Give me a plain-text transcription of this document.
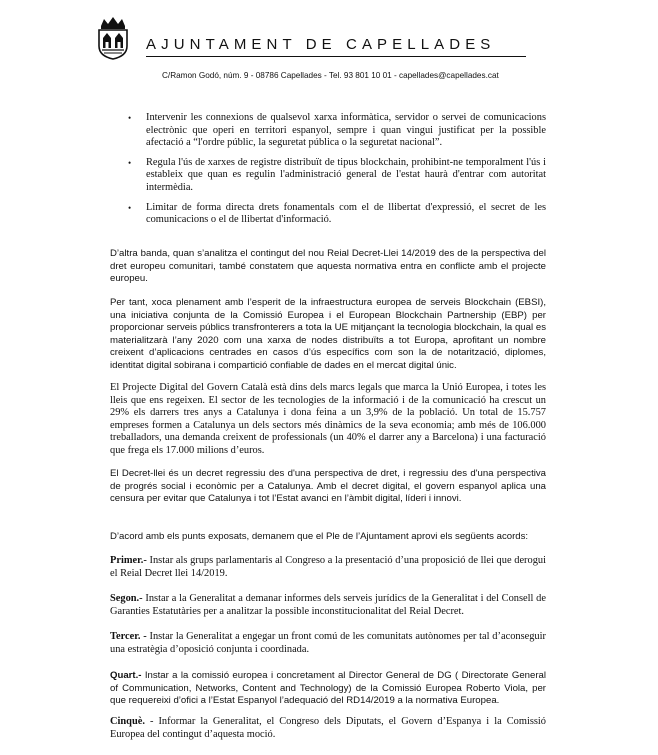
AJUNTAMENT DE CAPELLADES
C/Ramon Godó, núm. 9 - 08786 Capellades - Tel. 93 801 10 01 - capellades@capellades.cat
• Intervenir les connexions de qualsevol xarxa informàtica, servidor o servei de comunicacions electrònic que operi en territori espanyol, sempre i quan vingui justificat per la possible afectació a “l'ordre públic, la seguretat pública o la seguretat nacional”.
• Regula l'ús de xarxes de registre distribuït de tipus blockchain, prohibint-ne temporalment l'ús i estableix que quan es regulin l'administració general de l'estat haurà d'entrar com autoritat intermèdia.
• Limitar de forma directa drets fonamentals com el de llibertat d'expressió, el secret de les comunicacions o el de llibertat d'informació.

D’altra banda, quan s’analitza el contingut del nou Reial Decret-Llei 14/2019 des de la perspectiva del dret europeu comunitari, també constatem que aquesta normativa entra en conflicte amb el projecte europeu.

Per tant, xoca plenament amb l’esperit de la infraestructura europea de serveis Blockchain (EBSI), una iniciativa conjunta de la Comissió Europea i el European Blockchain Partnership (EBP) per proporcionar serveis públics transfronterers a tota la UE mitjançant la tecnologia blockchain, la qual es materialitzarà l’any 2020 com una xarxa de nodes distribuïts a tot Europa, aprofitant un nombre creixent d’aplicacions centrades en casos d’ús específics com son la de notarització, diplomes, identitat digital sobirana i compartició confiable de dades en el mercat digital únic.

El Projecte Digital del Govern Català està dins dels marcs legals que marca la Unió Europea, i totes les lleis que ens regeixen. El sector de les tecnologies de la informació i de la comunicació ha crescut un 29% els darrers tres anys a Catalunya i dona feina a un 3,9% de la població. Un total de 15.757 empreses formen a Catalunya un dels sectors més dinàmics de la seva economia; amb més de 106.000 treballadors, una demanda creixent de professionals (un 40% el darrer any a Barcelona) i una facturació que frega els 17.000 milions d’euros.

El Decret-llei és un decret regressiu des d'una perspectiva de dret, i regressiu des d'una perspectiva de progrés social i econòmic per a Catalunya. Amb el decret digital, el govern espanyol aplica una censura per evitar que Catalunya i tot l’Estat avanci en l’àmbit digital, líderi i innovi.

D’acord amb els punts exposats, demanem que el Ple de l’Ajuntament aprovi els següents acords:

Primer.- Instar als grups parlamentaris al Congreso a la presentació d’una proposició de llei que derogui el Reial Decret llei 14/2019.

Segon.- Instar a la Generalitat a demanar informes dels serveis jurídics de la Generalitat i del Consell de Garanties Estatutàries per a analitzar la possible inconstitucionalitat del Reial Decret.

Tercer. - Instar la Generalitat a engegar un front comú de les comunitats autònomes per tal d’aconseguir una estratègia d’oposició conjunta i coordinada.

Quart.- Instar a la comissió europea i concretament al Director General de DG ( Directorate General of Communication, Networks, Content and Technology) de la Comissió Europea Roberto Viola, per que requereixi d’ofici a l’Estat Espanyol l’adequació del RD14/2019 a la normativa Europea.

Cinquè. - Informar la Generalitat, el Congreso dels Diputats, el Govern d’Espanya i la Comissió Europea del contingut d’aquesta moció.
